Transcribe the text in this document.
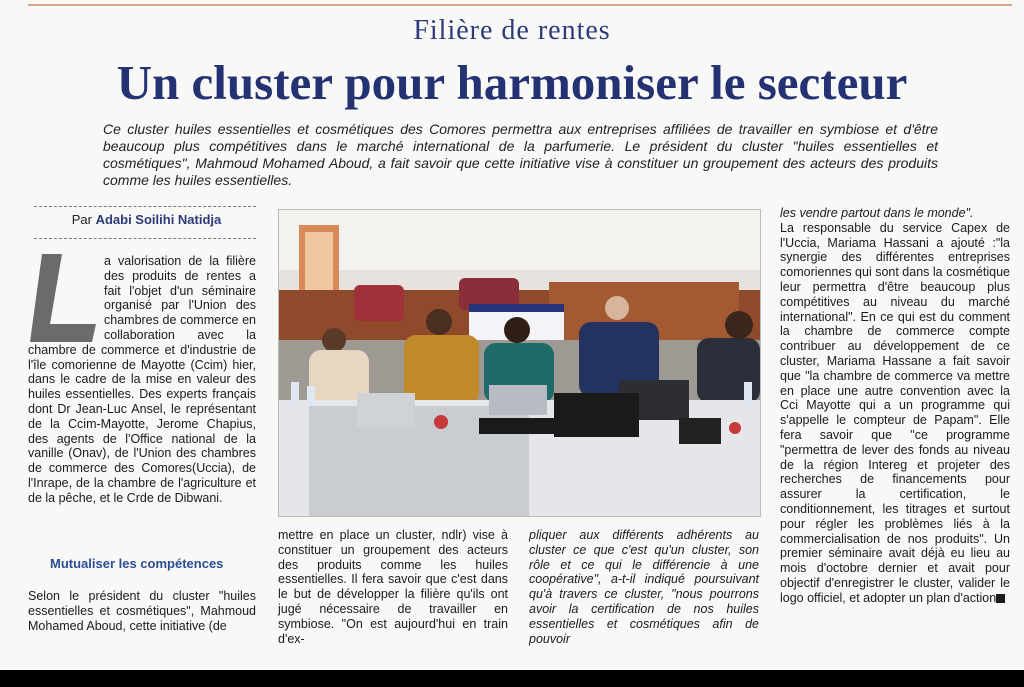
Filière de rentes
Un cluster pour harmoniser le secteur
Ce cluster huiles essentielles et cosmétiques des Comores permettra aux entreprises affiliées de travailler en symbiose et d'être beaucoup plus compétitives dans le marché international de la parfumerie. Le président du cluster "huiles essentielles et cosmétiques", Mahmoud Mohamed Aboud, a fait savoir que cette initiative vise à constituer un groupement des acteurs des produits comme les huiles essentielles.
Par Adabi Soilihi Natidja

a valorisation de la filière des produits de rentes a fait l'objet d'un séminaire organisé par l'Union des chambres de commerce en collaboration avec la chambre de commerce et d'industrie de l'île comorienne de Mayotte (Ccim) hier, dans le cadre de la mise en valeur des huiles essentielles. Des experts français dont Dr Jean-Luc Ansel, le représentant de la Ccim-Mayotte, Jerome Chapius, des agents de l'Office national de la vanille (Onav), de l'Union des chambres de commerce des Comores(Uccia), de l'Inrape, de la chambre de l'agriculture et de la pêche, et le Crde de Dibwani.

Mutualiser les compétences

Selon le président du cluster "huiles essentielles et cosmétiques", Mahmoud Mohamed Aboud, cette initiative (de

mettre en place un cluster, ndlr) vise à constituer un groupement des acteurs des produits comme les huiles essentielles. Il fera savoir que c'est dans le but de développer la filière qu'ils ont jugé nécessaire de travailler en symbiose. "On est aujourd'hui en train d'ex-

pliquer aux différents adhérents au cluster ce que c'est qu'un cluster, son rôle et ce qui le différencie à une coopérative", a-t-il indiqué poursuivant qu'à travers ce cluster, "nous pourrons avoir la certification de nos huiles essentielles et cosmétiques afin de pouvoir

les vendre partout dans le monde".

La responsable du service Capex de l'Uccia, Mariama Hassani a ajouté :"la synergie des différentes entreprises comoriennes qui sont dans la cosmétique leur permettra d'être beaucoup plus compétitives au niveau du marché international". En ce qui est du comment la chambre de commerce compte contribuer au développement de ce cluster, Mariama Hassane a fait savoir que "la chambre de commerce va mettre en place une autre convention avec la Cci Mayotte qui a un programme qui s'appelle le compteur de Papam". Elle fera savoir que "ce programme "permettra de lever des fonds au niveau de la région Intereg et projeter des recherches de financements pour assurer la certification, le conditionnement, les titrages et surtout pour régler les problèmes liés à la commercialisation de nos produits". Un premier séminaire avait déjà eu lieu au mois d'octobre dernier et avait pour objectif d'enregistrer le cluster, valider le logo officiel, et adopter un plan d'action
